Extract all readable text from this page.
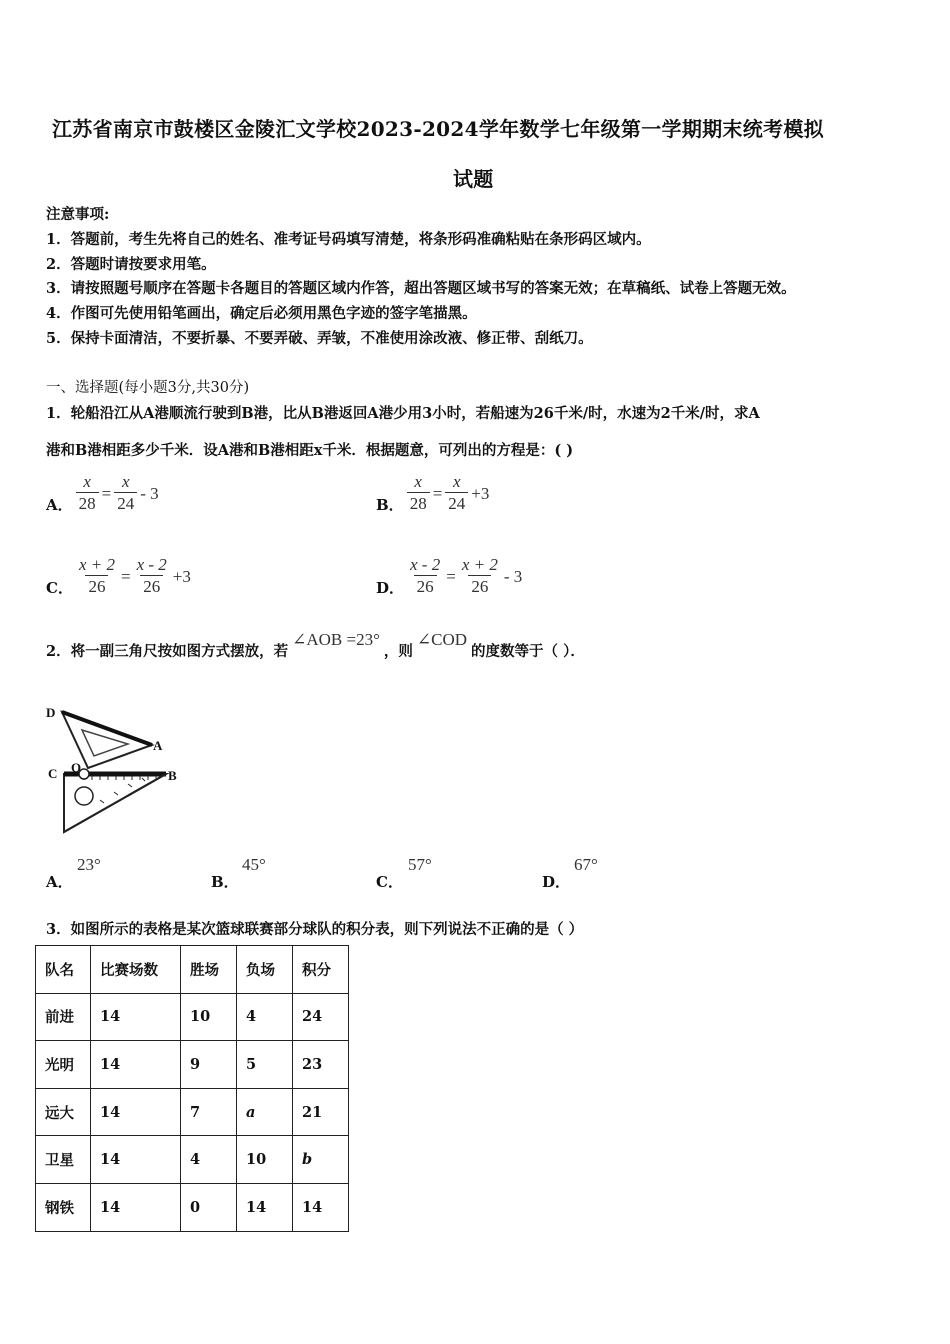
江苏省南京市鼓楼区金陵汇文学校2023-2024学年数学七年级第一学期期末统考模拟
试题
注意事项:
1．答题前，考生先将自己的姓名、准考证号码填写清楚，将条形码准确粘贴在条形码区域内。
2．答题时请按要求用笔。
3．请按照题号顺序在答题卡各题目的答题区域内作答，超出答题区域书写的答案无效；在草稿纸、试卷上答题无效。
4．作图可先使用铅笔画出，确定后必须用黑色字迹的签字笔描黑。
5．保持卡面清洁，不要折暴、不要弄破、弄皱，不准使用涂改液、修正带、刮纸刀。
一、选择题(每小题3分,共30分)
1．轮船沿江从A港顺流行驶到B港，比从B港返回A港少用3小时，若船速为26千米/时，水速为2千米/时，求A
港和B港相距多少千米．设A港和B港相距x千米．根据题意，可列出的方程是：( )
A． $\frac{x}{28} = \frac{x}{24} - 3$
B． $\frac{x}{28} = \frac{x}{24} +3$
C． $\frac{x + 2}{26} = \frac{x - 2}{26} +3$
D． $\frac{x - 2}{26} = \frac{x + 2}{26} - 3$
2．将一副三角尺按如图方式摆放，若
∠AOB =23°
，则
∠COD
的度数等于（ ）．
D
A
C O
B
A．
23°
B．
45°
C．
57°
D．
67°
3．如图所示的表格是某次篮球联赛部分球队的积分表，则下列说法不正确的是（ ）
队名	比赛场数	胜场	负场	积分
前进	14	10	4	24
光明	14	9	5	23
远大	14	7	a	21
卫星	14	4	10	b
钢铁	14	0	14	14
